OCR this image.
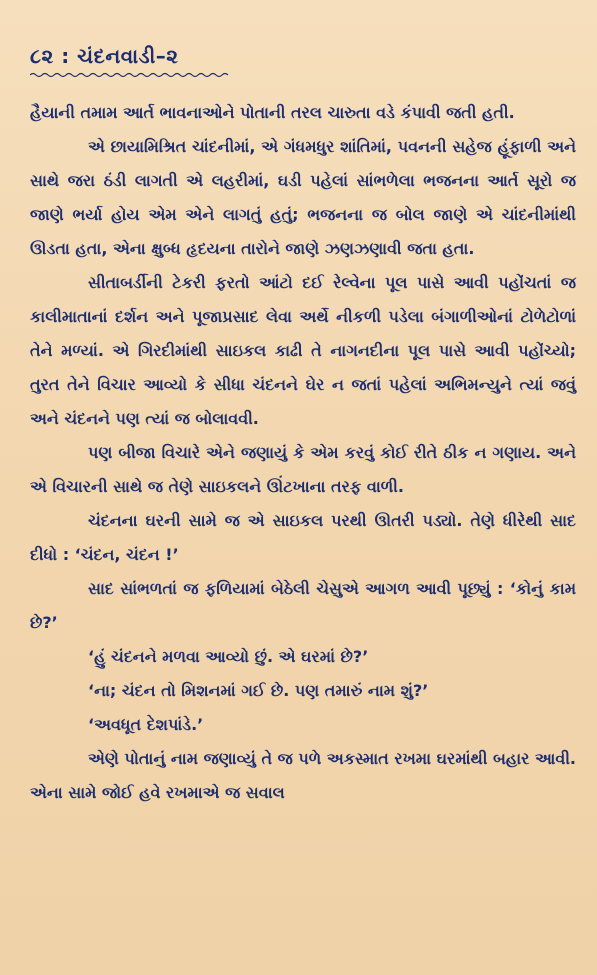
૮૨ : ચંદનવાડી–૨

હૈયાની તમામ આર્ત ભાવનાઓને પોતાની તરલ ચારુતા વડે કંપાવી જતી હતી.

એ છાયામિશ્રિત ચાંદનીમાં, એ ગંધમધુર શાંતિમાં, પવનની સહેજ હૂંફાળી અને સાથે જરા ઠંડી લાગતી એ લહરીમાં, ઘડી પહેલાં સાંભળેલા ભજનના આર્ત સૂરો જ જાણે ભર્યા હોય એમ એને લાગતું હતું; ભજનના જ બોલ જાણે એ ચાંદનીમાંથી ઊડતા હતા, એના ક્ષુબ્ધ હૃદયના તારોને જાણે ઝણઝણાવી જતા હતા.

સીતાબર્ડીની ટેકરી ફરતો આંટો દઈ રેલ્વેના પૂલ પાસે આવી પહોંચતાં જ કાલીમાતાનાં દર્શન અને પૂજાપ્રસાદ લેવા અર્થે નીકળી પડેલા બંગાળીઓનાં ટોળેટોળાં તેને મળ્યાં. એ ગિરદીમાંથી સાઇકલ કાઢી તે નાગનદીના પૂલ પાસે આવી પહોંચ્યો; તુરત તેને વિચાર આવ્યો કે સીધા ચંદનને ઘેર ન જતાં પહેલાં અભિમન્યુને ત્યાં જવું અને ચંદનને પણ ત્યાં જ બોલાવવી.

પણ બીજા વિચારે એને જણાયું કે એમ કરવું કોઈ રીતે ઠીક ન ગણાય. અને એ વિચારની સાથે જ તેણે સાઇકલને ઊંટખાના તરફ વાળી.

ચંદનના ઘરની સામે જ એ સાઇકલ પરથી ઊતરી પડ્યો. તેણે ધીરેથી સાદ દીધો : ‘ચંદન, ચંદન !’

સાદ સાંભળતાં જ ફળિયામાં બેઠેલી ચેસુએ આગળ આવી પૂછ્યું : ‘કોનું કામ છે?’

‘હું ચંદનને મળવા આવ્યો છું. એ ઘરમાં છે?’

‘ના; ચંદન તો મિશનમાં ગઈ છે. પણ તમારું નામ શું?’

‘અવધૂત દેશપાંડે.’

એણે પોતાનું નામ જણાવ્યું તે જ પળે અકસ્માત રખમા ઘરમાંથી બહાર આવી. એના સામે જોઈ હવે રખમાએ જ સવાલ
